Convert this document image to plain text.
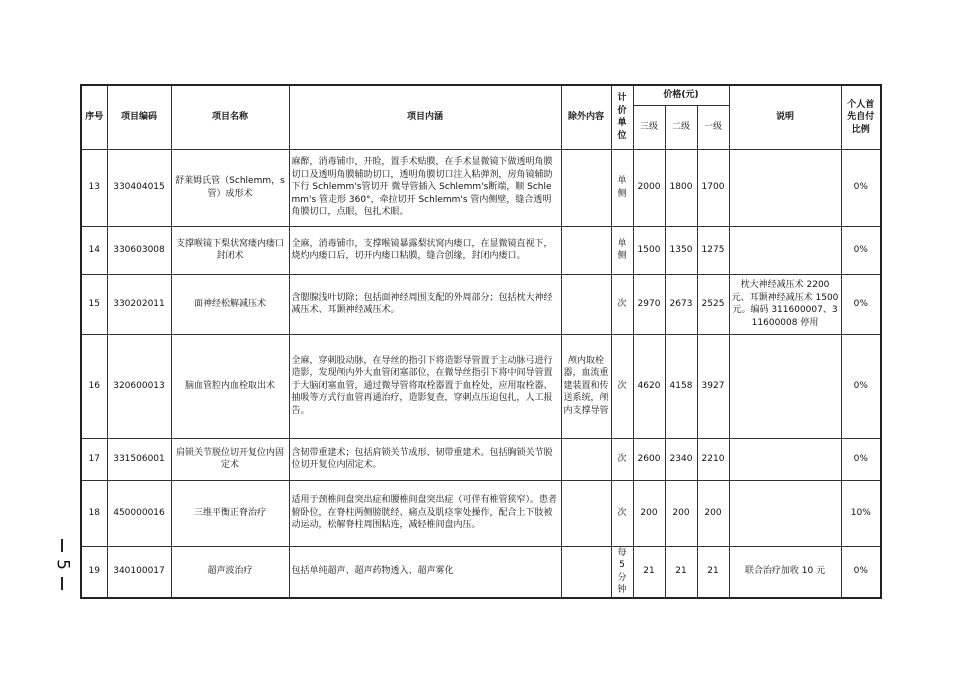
5
序号	项目编码	项目名称	项目内涵	除外内容	计价单位	价格(元)			说明	个人首先自付比例
						三级	二级	一级		
13	330404015	舒莱姆氏管（Schlemm，s管）成形术	麻醉，消毒铺巾，开睑，置手术贴膜，在手术显微镜下做透明角膜切口及透明角膜辅助切口，透明角膜切口注入粘弹剂，房角镜辅助下行 Schlemm's管切开 微导管插入 Schlemm's断端，顺 Schlemm's 管走形 360°，牵拉切开 Schlemm's 管内侧壁，缝合透明角膜切口，点眼，包扎术眼。		单侧	2000	1800	1700		0%
14	330603008	支撑喉镜下梨状窝瘘内瘘口封闭术	全麻，消毒铺巾，支撑喉镜暴露梨状窝内瘘口，在显微镜直视下，烧灼内瘘口后，切开内瘘口粘膜，缝合创缘，封闭内瘘口。		单侧	1500	1350	1275		0%
15	330202011	面神经松解减压术	含腮腺浅叶切除；包括面神经周围支配的外周部分；包括枕大神经减压术、耳颞神经减压术。		次	2970	2673	2525	枕大神经减压术 2200 元、耳颞神经减压术 1500 元。编码 311600007、311600008 停用	0%
16	320600013	脑血管腔内血栓取出术	全麻，穿刺股动脉，在导丝的指引下将造影导管置于主动脉弓进行造影，发现颅内外大血管闭塞部位，在微导丝指引下将中间导管置于大脑闭塞血管，通过微导管将取栓器置于血栓处，应用取栓器、抽吸等方式行血管再通治疗，造影复查，穿刺点压迫包扎，人工报告。	颅内取栓器，血流重建装置和传送系统，颅内支撑导管	次	4620	4158	3927		0%
17	331506001	肩锁关节脱位切开复位内固定术	含韧带重建术；包括肩锁关节成形、韧带重建术。包括胸锁关节脱位切开复位内固定术。		次	2600	2340	2210		0%
18	450000016	三维平衡正脊治疗	适用于颈椎间盘突出症和腰椎间盘突出症（可伴有椎管狭窄）。患者俯卧位，在脊柱两侧膀胱经、痛点及肌痉挛处操作，配合上下肢被动运动，松解脊柱周围粘连，减轻椎间盘内压。		次	200	200	200		10%
19	340100017	超声波治疗	包括单纯超声、超声药物透入、超声雾化		每 5 分钟	21	21	21	联合治疗加收 10 元	0%
